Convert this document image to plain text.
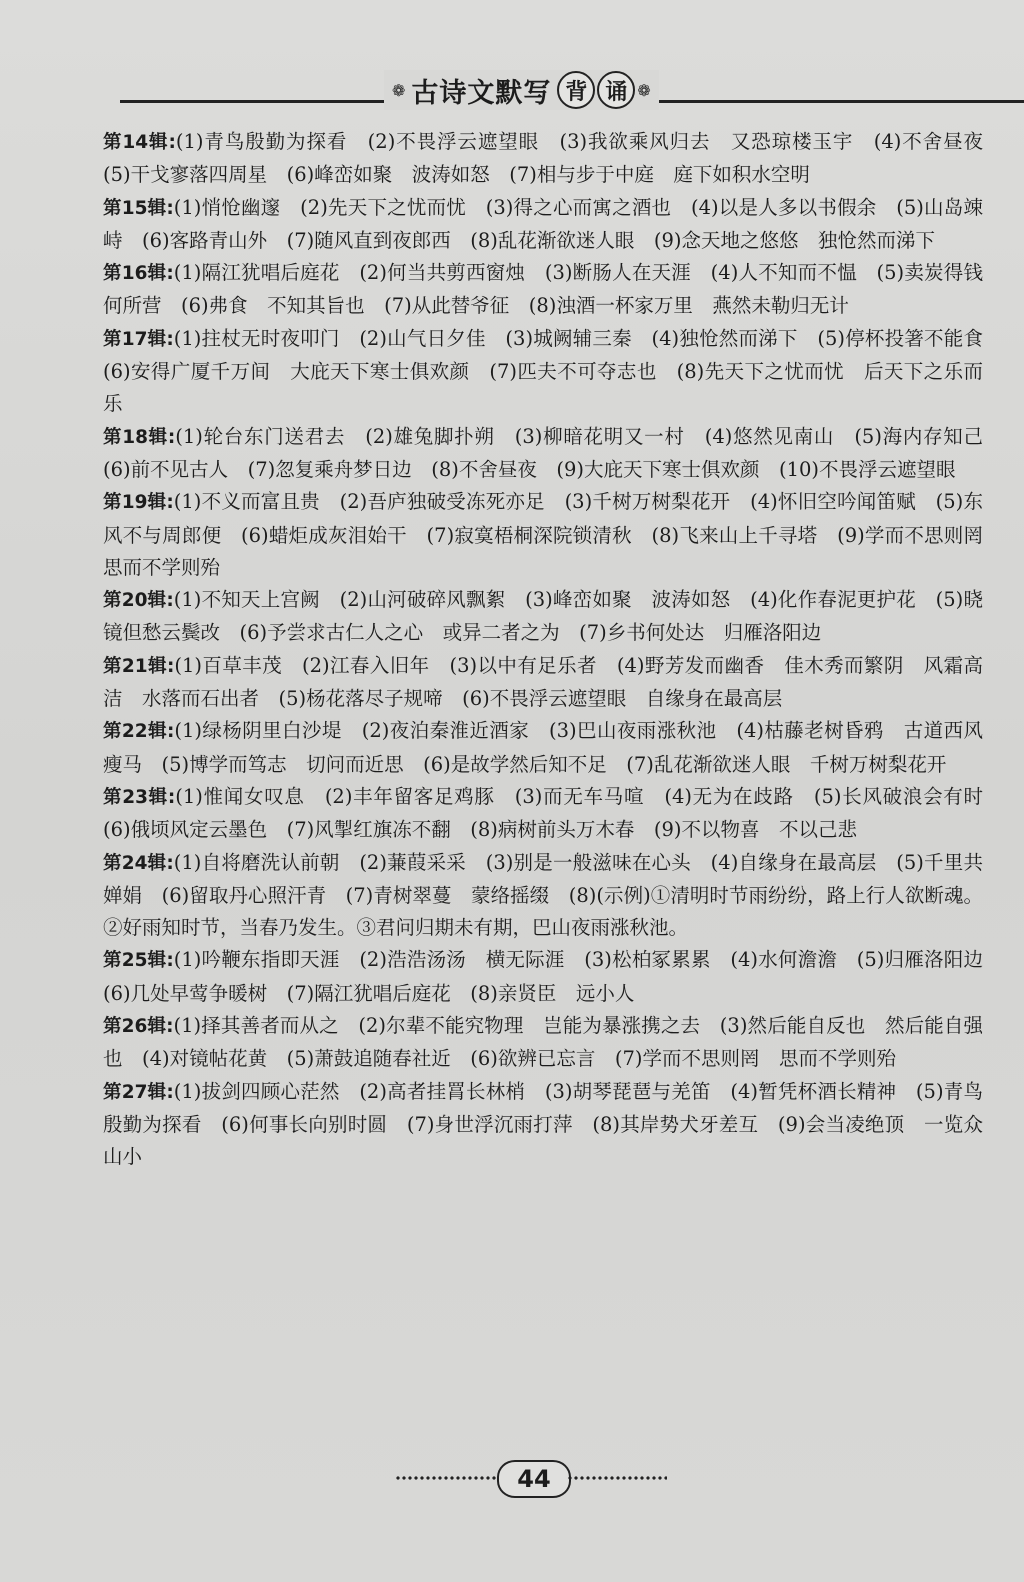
❁ 古诗文默写 背 诵 ❁

第14辑:(1)青鸟殷勤为探看　(2)不畏浮云遮望眼　(3)我欲乘风归去　又恐琼楼玉宇　(4)不舍昼夜　(5)干戈寥落四周星　(6)峰峦如聚　波涛如怒　(7)相与步于中庭　庭下如积水空明

第15辑:(1)悄怆幽邃　(2)先天下之忧而忧　(3)得之心而寓之酒也　(4)以是人多以书假余　(5)山岛竦峙　(6)客路青山外　(7)随风直到夜郎西　(8)乱花渐欲迷人眼　(9)念天地之悠悠　独怆然而涕下

第16辑:(1)隔江犹唱后庭花　(2)何当共剪西窗烛　(3)断肠人在天涯　(4)人不知而不愠　(5)卖炭得钱何所营　(6)弗食　不知其旨也　(7)从此替爷征　(8)浊酒一杯家万里　燕然未勒归无计

第17辑:(1)拄杖无时夜叩门　(2)山气日夕佳　(3)城阙辅三秦　(4)独怆然而涕下　(5)停杯投箸不能食　(6)安得广厦千万间　大庇天下寒士俱欢颜　(7)匹夫不可夺志也　(8)先天下之忧而忧　后天下之乐而乐

第18辑:(1)轮台东门送君去　(2)雄兔脚扑朔　(3)柳暗花明又一村　(4)悠然见南山　(5)海内存知己　(6)前不见古人　(7)忽复乘舟梦日边　(8)不舍昼夜　(9)大庇天下寒士俱欢颜　(10)不畏浮云遮望眼

第19辑:(1)不义而富且贵　(2)吾庐独破受冻死亦足　(3)千树万树梨花开　(4)怀旧空吟闻笛赋　(5)东风不与周郎便　(6)蜡炬成灰泪始干　(7)寂寞梧桐深院锁清秋　(8)飞来山上千寻塔　(9)学而不思则罔　思而不学则殆

第20辑:(1)不知天上宫阙　(2)山河破碎风飘絮　(3)峰峦如聚　波涛如怒　(4)化作春泥更护花　(5)晓镜但愁云鬓改　(6)予尝求古仁人之心　或异二者之为　(7)乡书何处达　归雁洛阳边

第21辑:(1)百草丰茂　(2)江春入旧年　(3)以中有足乐者　(4)野芳发而幽香　佳木秀而繁阴　风霜高洁　水落而石出者　(5)杨花落尽子规啼　(6)不畏浮云遮望眼　自缘身在最高层

第22辑:(1)绿杨阴里白沙堤　(2)夜泊秦淮近酒家　(3)巴山夜雨涨秋池　(4)枯藤老树昏鸦　古道西风瘦马　(5)博学而笃志　切问而近思　(6)是故学然后知不足　(7)乱花渐欲迷人眼　千树万树梨花开

第23辑:(1)惟闻女叹息　(2)丰年留客足鸡豚　(3)而无车马喧　(4)无为在歧路　(5)长风破浪会有时　(6)俄顷风定云墨色　(7)风掣红旗冻不翻　(8)病树前头万木春　(9)不以物喜　不以己悲

第24辑:(1)自将磨洗认前朝　(2)蒹葭采采　(3)别是一般滋味在心头　(4)自缘身在最高层　(5)千里共婵娟　(6)留取丹心照汗青　(7)青树翠蔓　蒙络摇缀　(8)(示例)①清明时节雨纷纷，路上行人欲断魂。②好雨知时节，当春乃发生。③君问归期未有期，巴山夜雨涨秋池。

第25辑:(1)吟鞭东指即天涯　(2)浩浩汤汤　横无际涯　(3)松柏冢累累　(4)水何澹澹　(5)归雁洛阳边　(6)几处早莺争暖树　(7)隔江犹唱后庭花　(8)亲贤臣　远小人

第26辑:(1)择其善者而从之　(2)尔辈不能究物理　岂能为暴涨携之去　(3)然后能自反也　然后能自强也　(4)对镜帖花黄　(5)萧鼓追随春社近　(6)欲辨已忘言　(7)学而不思则罔　思而不学则殆

第27辑:(1)拔剑四顾心茫然　(2)高者挂罥长林梢　(3)胡琴琵琶与羌笛　(4)暂凭杯酒长精神　(5)青鸟殷勤为探看　(6)何事长向别时圆　(7)身世浮沉雨打萍　(8)其岸势犬牙差互　(9)会当凌绝顶　一览众山小

44
